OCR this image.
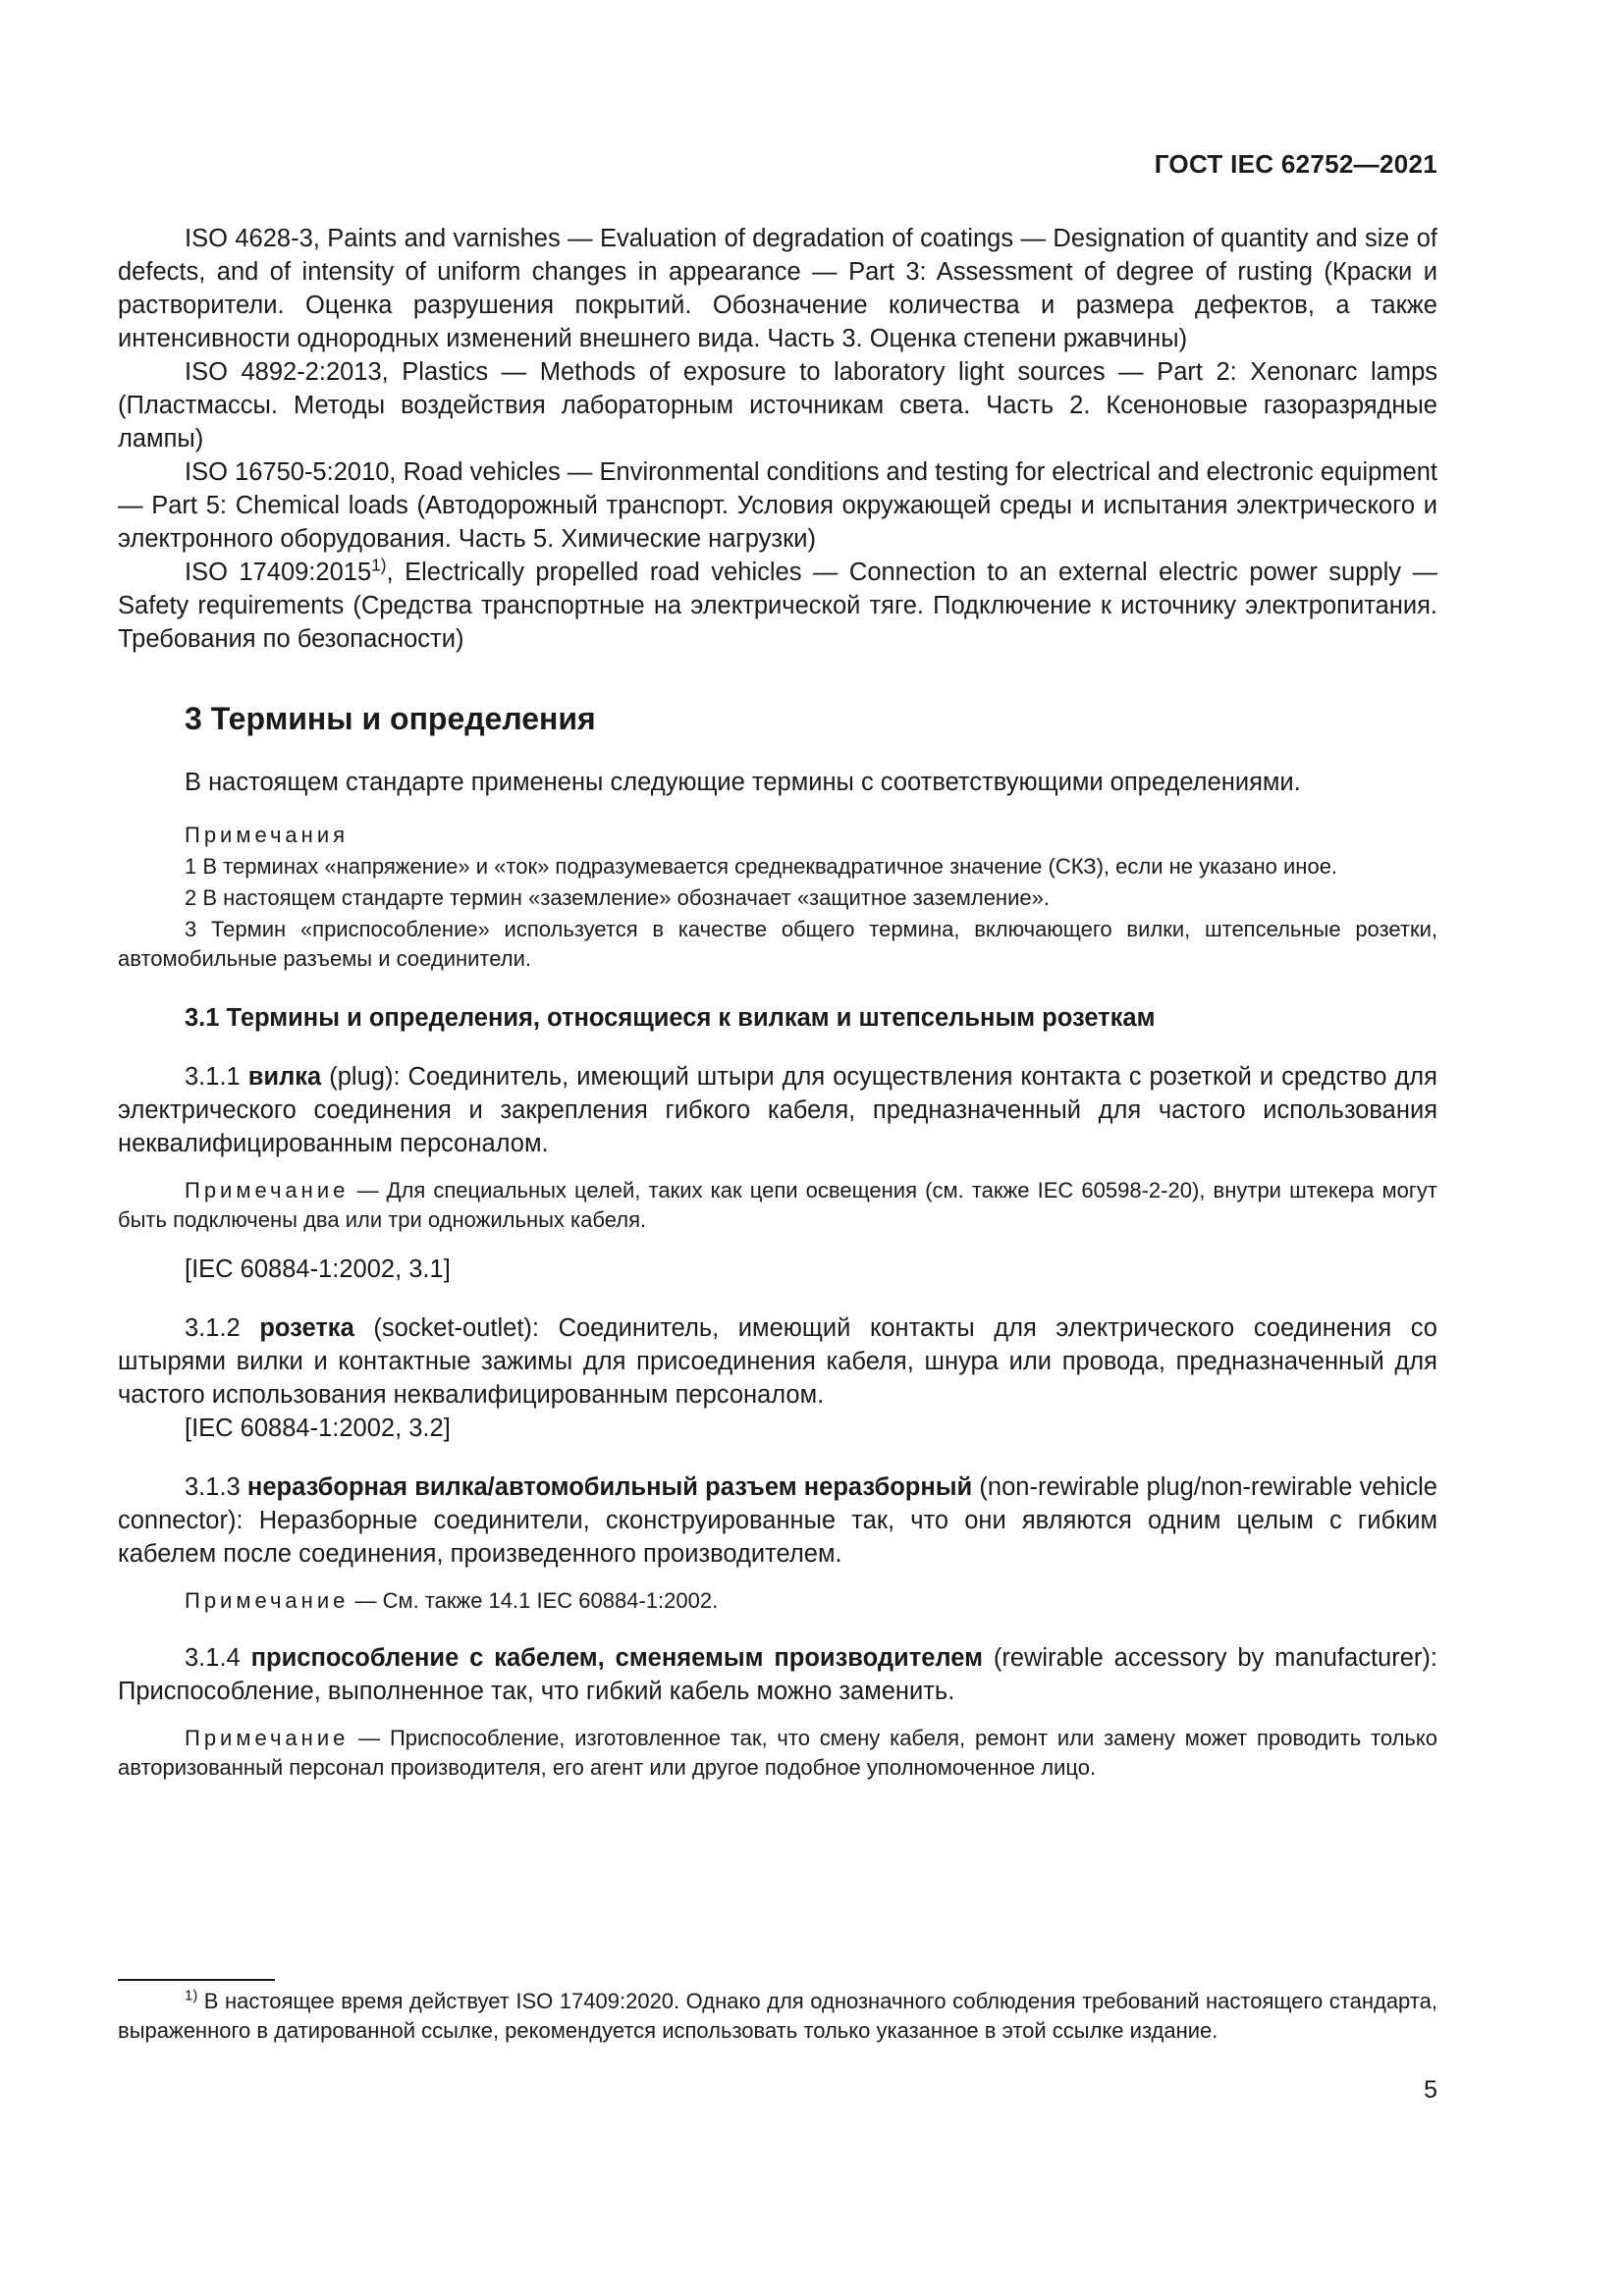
ГОСТ IEC 62752—2021

ISO 4628-3, Paints and varnishes — Evaluation of degradation of coatings — Designation of quantity and size of defects, and of intensity of uniform changes in appearance — Part 3: Assessment of degree of rusting (Краски и растворители. Оценка разрушения покрытий. Обозначение количества и размера дефектов, а также интенсивности однородных изменений внешнего вида. Часть 3. Оценка степени ржавчины)

ISO 4892-2:2013, Plastics — Methods of exposure to laboratory light sources — Part 2: Xenonarc lamps (Пластмассы. Методы воздействия лабораторным источникам света. Часть 2. Ксеноновые газоразрядные лампы)

ISO 16750-5:2010, Road vehicles — Environmental conditions and testing for electrical and electronic equipment — Part 5: Chemical loads (Автодорожный транспорт. Условия окружающей среды и испытания электрического и электронного оборудования. Часть 5. Химические нагрузки)

ISO 17409:2015$^{1)}$, Electrically propelled road vehicles — Connection to an external electric power supply — Safety requirements (Средства транспортные на электрической тяге. Подключение к источнику электропитания. Требования по безопасности)

3 Термины и определения

В настоящем стандарте применены следующие термины с соответствующими определениями.

Примечания

1 В терминах «напряжение» и «ток» подразумевается среднеквадратичное значение (СКЗ), если не указано иное.

2 В настоящем стандарте термин «заземление» обозначает «защитное заземление».

3 Термин «приспособление» используется в качестве общего термина, включающего вилки, штепсельные розетки, автомобильные разъемы и соединители.

3.1 Термины и определения, относящиеся к вилкам и штепсельным розеткам

3.1.1 вилка (plug): Соединитель, имеющий штыри для осуществления контакта с розеткой и средство для электрического соединения и закрепления гибкого кабеля, предназначенный для частого использования неквалифицированным персоналом.

Примечание — Для специальных целей, таких как цепи освещения (см. также IEC 60598-2-20), внутри штекера могут быть подключены два или три одножильных кабеля.

[IEC 60884-1:2002, 3.1]

3.1.2 розетка (socket-outlet): Соединитель, имеющий контакты для электрического соединения со штырями вилки и контактные зажимы для присоединения кабеля, шнура или провода, предназначенный для частого использования неквалифицированным персоналом.

[IEC 60884-1:2002, 3.2]

3.1.3 неразборная вилка/автомобильный разъем неразборный (non-rewirable plug/non-rewirable vehicle connector): Неразборные соединители, сконструированные так, что они являются одним целым с гибким кабелем после соединения, произведенного производителем.

Примечание — См. также 14.1 IEC 60884-1:2002.

3.1.4 приспособление с кабелем, сменяемым производителем (rewirable accessory by manufacturer): Приспособление, выполненное так, что гибкий кабель можно заменить.

Примечание — Приспособление, изготовленное так, что смену кабеля, ремонт или замену может проводить только авторизованный персонал производителя, его агент или другое подобное уполномоченное лицо.

$^{1)}$ В настоящее время действует ISO 17409:2020. Однако для однозначного соблюдения требований настоящего стандарта, выраженного в датированной ссылке, рекомендуется использовать только указанное в этой ссылке издание.

5
